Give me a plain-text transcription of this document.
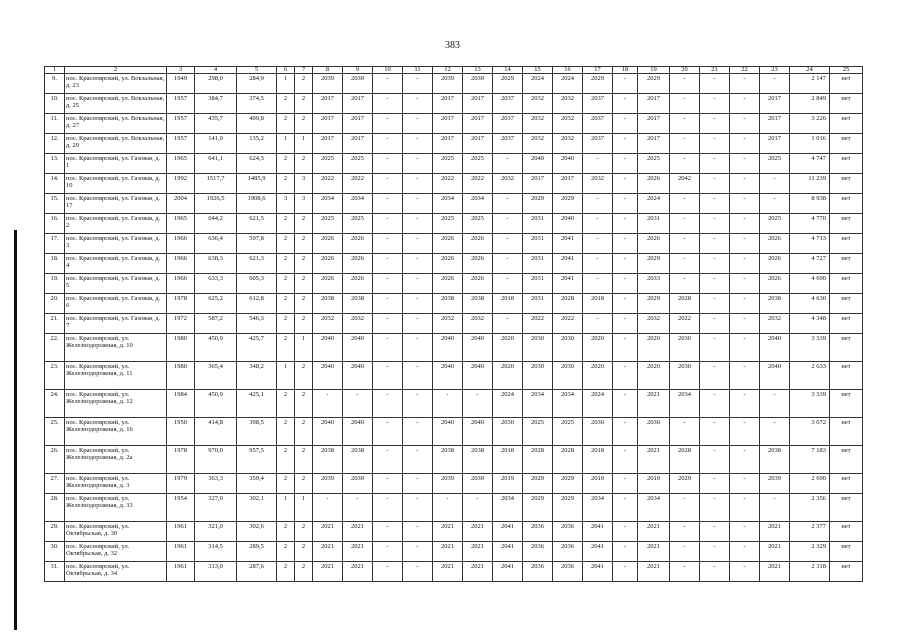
383
1	2	3	4	5	6	7	8	9	10	11	12	13	14	15	16	17	18	19	20	21	22	23	24	25
9.	пос. Красноярский, ул. Вокзальная, д. 23	1949	298,0	284,9	1	2	2039	2039	-	-	2039	2039	2029	2024	2024	2029	-	2029	-	-	-	-	2 147	нет
10.	пос. Красноярский, ул. Вокзальная, д. 25	1957	384,7	374,5	2	2	2017	2017	-	-	2017	2017	2037	2032	2032	2037	-	2017	-	-	-	2017	2 849	нет
11.	пос. Красноярский, ул. Вокзальная, д. 27	1957	435,7	409,8	2	2	2017	2017	-	-	2017	2017	2037	2032	2032	2037	-	2017	-	-	-	2017	3 226	нет
12.	пос. Красноярский, ул. Вокзальная, д. 29	1957	141,0	135,2	1	1	2017	2017	-	-	2017	2017	2037	2032	2032	2037	-	2017	-	-	-	2017	1 016	нет
13.	пос. Красноярский, ул. Газовая, д. 1	1965	641,1	624,3	2	2	2025	2025	-	-	2025	2025	-	2040	2040	-	-	2025	-	-	-	2025	4 747	нет
14.	пос. Красноярский, ул. Газовая, д. 10	1992	1517,7	1485,9	2	3	2022	2022	-	-	2022	2022	2032	2017	2017	2032	-	2026	2042	-	-	-	11 239	нет
15.	пос. Красноярский, ул. Газовая, д. 17	2004	1926,5	1908,6	3	3	2034	2034	-	-	2034	2034	-	2029	2029	-	-	2024	-	-	-	-	8 938	нет
16.	пос. Красноярский, ул. Газовая, д. 2	1965	644,2	621,5	2	2	2025	2025	-	-	2025	2025	-	2031	2040	-	-	2031	-	-	-	2025	4 770	нет
17.	пос. Красноярский, ул. Газовая, д. 3	1966	636,4	597,8	2	2	2026	2026	-	-	2026	2026	-	2031	2041	-	-	2026	-	-	-	2026	4 713	нет
18.	пос. Красноярский, ул. Газовая, д. 4	1966	638,3	621,3	2	2	2026	2026	-	-	2026	2026	-	2031	2041	-	-	2029	-	-	-	2026	4 727	нет
19.	пос. Красноярский, ул. Газовая, д. 5	1966	633,3	605,3	2	2	2026	2026	-	-	2026	2026	-	2031	2041	-	-	2033	-	-	-	2026	4 690	нет
20.	пос. Красноярский, ул. Газовая, д. 6	1978	625,2	612,8	2	2	2038	2038	-	-	2038	2038	2018	2031	2028	2018	-	2029	2028	-	-	2038	4 630	нет
21.	пос. Красноярский, ул. Газовая, д. 7	1972	587,2	546,3	2	2	2032	2032	-	-	2032	2032	-	2022	2022	-	-	2032	2022	-	-	2032	4 348	нет
22.	пос. Красноярский, ул. Железнодорожная, д. 10	1980	450,9	425,7	2	1	2040	2040	-	-	2040	2040	2020	2030	2030	2020	-	2020	2030	-	-	2040	3 339	нет
23.	пос. Красноярский, ул. Железнодорожная, д. 11	1980	365,4	348,2	1	2	2040	2040	-	-	2040	2040	2020	2030	2030	2020	-	2020	2030	-	-	2040	2 633	нет
24.	пос. Красноярский, ул. Железнодорожная, д. 12	1984	450,9	425,1	2	2	-	-	-	-	-	-	2024	2034	2034	2024	-	2021	2034	-	-	-	3 339	нет
25.	пос. Красноярский, ул. Железнодорожная, д. 16	1950	414,8	398,5	2	2	2040	2040	-	-	2040	2040	2030	2025	2025	2030	-	2030	-	-	-	-	3 072	нет
26.	пос. Красноярский, ул. Железнодорожная, д. 2а	1978	970,0	957,5	2	2	2038	2038	-	-	2038	2038	2018	2028	2028	2018	-	2021	2028	-	-	2038	7 183	нет
27.	пос. Красноярский, ул. Железнодорожная, д. 3	1979	363,3	359,4	2	2	2039	2039	-	-	2039	2039	2019	2029	2029	2019	-	2019	2029	-	-	2039	2 690	нет
28.	пос. Красноярский, ул. Железнодорожная, д. 33	1954	327,0	302,1	1	1	-	-	-	-	-	-	2034	2029	2029	2034	-	2034	-	-	-	-	2 356	нет
29.	пос. Красноярский, ул. Октябрьская, д. 30	1961	321,0	302,6	2	2	2021	2021	-	-	2021	2021	2041	2036	2036	2041	-	2021	-	-	-	2021	2 377	нет
30.	пос. Красноярский, ул. Октябрьская, д. 32	1961	314,5	289,5	2	2	2021	2021	-	-	2021	2021	2041	2036	2036	2041	-	2021	-	-	-	2021	2 329	нет
31.	пос. Красноярский, ул. Октябрьская, д. 34	1961	313,0	287,6	2	2	2021	2021	-	-	2021	2021	2041	2036	2036	2041	-	2021	-	-	-	2021	2 318	нет
